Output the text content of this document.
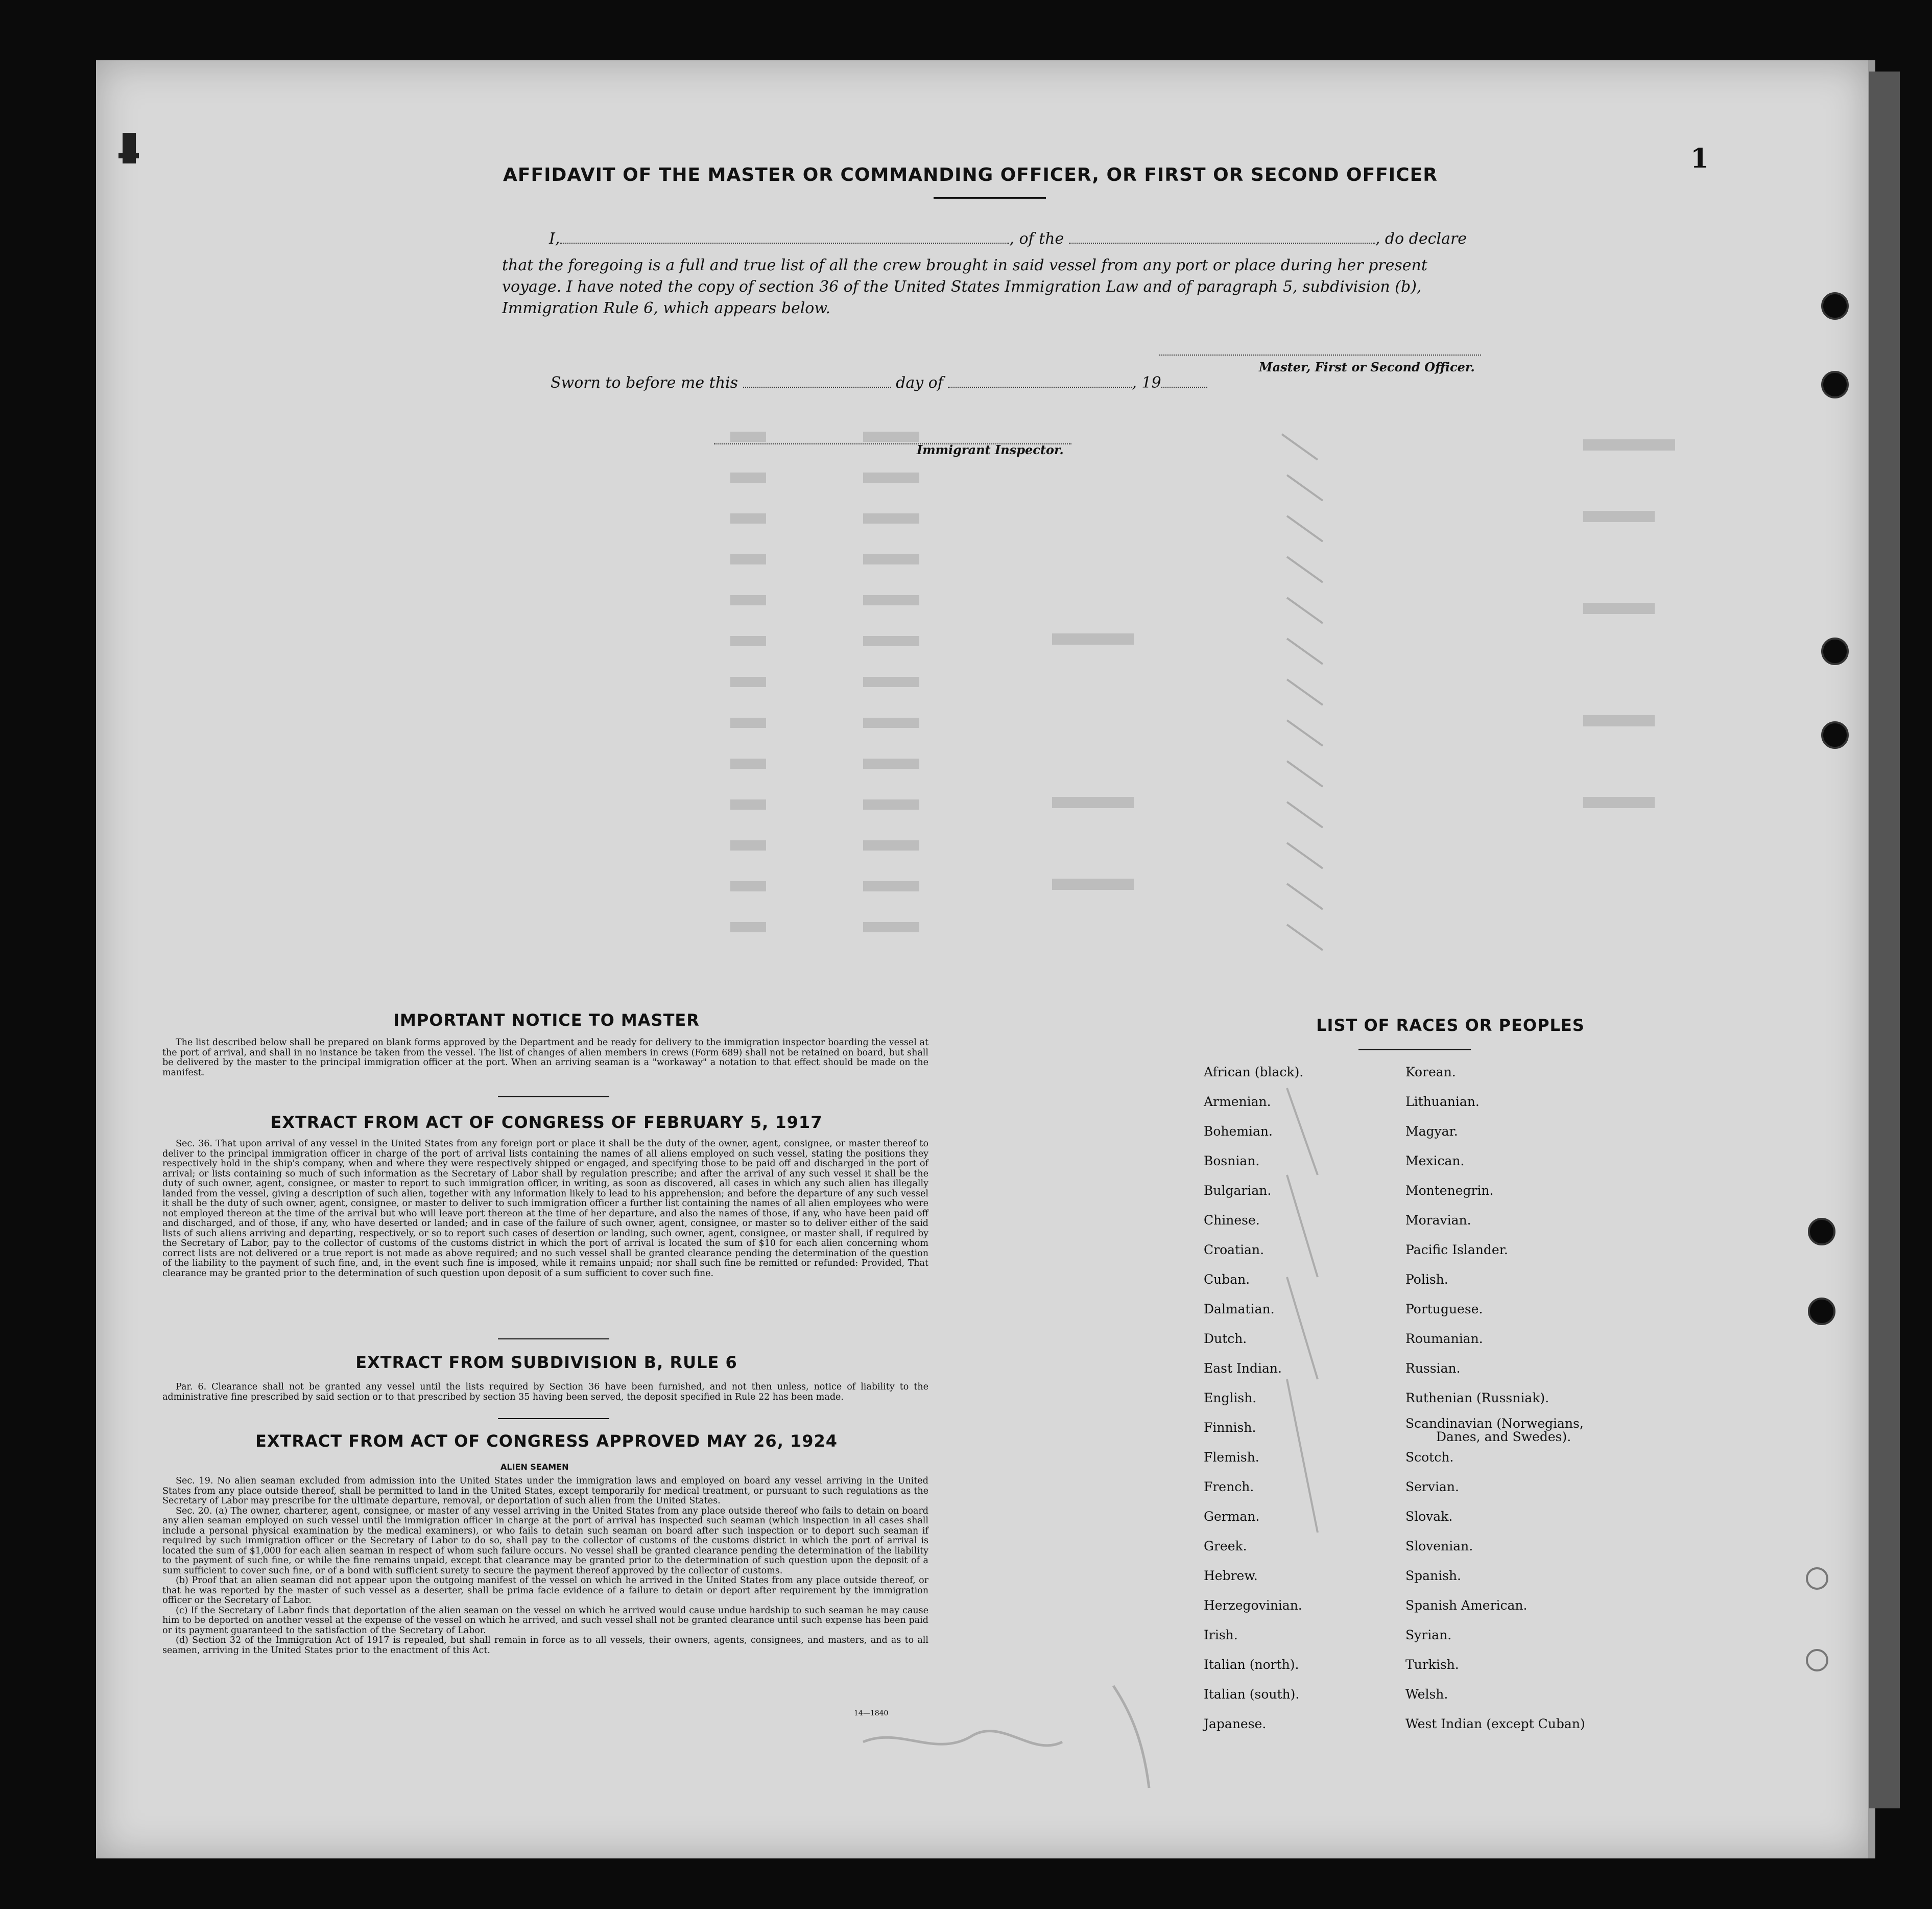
1
AFFIDAVIT OF THE MASTER OR COMMANDING OFFICER, OR FIRST OR SECOND OFFICER
I,	, of the	, do declare
that the foregoing is a full and true list of all the crew brought in said vessel from any port or place during her present
voyage. I have noted the copy of section 36 of the United States Immigration Law and of paragraph 5, subdivision (b),
Immigration Rule 6, which appears below.
Master, First or Second Officer.
Sworn to before me this	day of	, 19
Immigrant Inspector.
IMPORTANT NOTICE TO MASTER

The list described below shall be prepared on blank forms approved by the Department and be ready for delivery to the immigration inspector boarding the vessel at the port of arrival, and shall in no instance be taken from the vessel. The list of changes of alien members in crews (Form 689) shall not be retained on board, but shall be delivered by the master to the principal immigration officer at the port. When an arriving seaman is a "workaway" a notation to that effect should be made on the manifest.

EXTRACT FROM ACT OF CONGRESS OF FEBRUARY 5, 1917

Sec. 36. That upon arrival of any vessel in the United States from any foreign port or place it shall be the duty of the owner, agent, consignee, or master thereof to deliver to the principal immigration officer in charge of the port of arrival lists containing the names of all aliens employed on such vessel, stating the positions they respectively hold in the ship's company, when and where they were respectively shipped or engaged, and specifying those to be paid off and discharged in the port of arrival; or lists containing so much of such information as the Secretary of Labor shall by regulation prescribe; and after the arrival of any such vessel it shall be the duty of such owner, agent, consignee, or master to report to such immigration officer, in writing, as soon as discovered, all cases in which any such alien has illegally landed from the vessel, giving a description of such alien, together with any information likely to lead to his apprehension; and before the departure of any such vessel it shall be the duty of such owner, agent, consignee, or master to deliver to such immigration officer a further list containing the names of all alien employees who were not employed thereon at the time of the arrival but who will leave port thereon at the time of her departure, and also the names of those, if any, who have been paid off and discharged, and of those, if any, who have deserted or landed; and in case of the failure of such owner, agent, consignee, or master so to deliver either of the said lists of such aliens arriving and departing, respectively, or so to report such cases of desertion or landing, such owner, agent, consignee, or master shall, if required by the Secretary of Labor, pay to the collector of customs of the customs district in which the port of arrival is located the sum of $10 for each alien concerning whom correct lists are not delivered or a true report is not made as above required; and no such vessel shall be granted clearance pending the determination of the question of the liability to the payment of such fine, and, in the event such fine is imposed, while it remains unpaid; nor shall such fine be remitted or refunded: Provided, That clearance may be granted prior to the determination of such question upon deposit of a sum sufficient to cover such fine.

EXTRACT FROM SUBDIVISION B, RULE 6

Par. 6. Clearance shall not be granted any vessel until the lists required by Section 36 have been furnished, and not then unless, notice of liability to the administrative fine prescribed by said section or to that prescribed by section 35 having been served, the deposit specified in Rule 22 has been made.

EXTRACT FROM ACT OF CONGRESS APPROVED MAY 26, 1924
ALIEN SEAMEN

Sec. 19. No alien seaman excluded from admission into the United States under the immigration laws and employed on board any vessel arriving in the United States from any place outside thereof, shall be permitted to land in the United States, except temporarily for medical treatment, or pursuant to such regulations as the Secretary of Labor may prescribe for the ultimate departure, removal, or deportation of such alien from the United States.

Sec. 20. (a) The owner, charterer, agent, consignee, or master of any vessel arriving in the United States from any place outside thereof who fails to detain on board any alien seaman employed on such vessel until the immigration officer in charge at the port of arrival has inspected such seaman (which inspection in all cases shall include a personal physical examination by the medical examiners), or who fails to detain such seaman on board after such inspection or to deport such seaman if required by such immigration officer or the Secretary of Labor to do so, shall pay to the collector of customs of the customs district in which the port of arrival is located the sum of $1,000 for each alien seaman in respect of whom such failure occurs. No vessel shall be granted clearance pending the determination of the liability to the payment of such fine, or while the fine remains unpaid, except that clearance may be granted prior to the determination of such question upon the deposit of a sum sufficient to cover such fine, or of a bond with sufficient surety to secure the payment thereof approved by the collector of customs.

(b) Proof that an alien seaman did not appear upon the outgoing manifest of the vessel on which he arrived in the United States from any place outside thereof, or that he was reported by the master of such vessel as a deserter, shall be prima facie evidence of a failure to detain or deport after requirement by the immigration officer or the Secretary of Labor.

(c) If the Secretary of Labor finds that deportation of the alien seaman on the vessel on which he arrived would cause undue hardship to such seaman he may cause him to be deported on another vessel at the expense of the vessel on which he arrived, and such vessel shall not be granted clearance until such expense has been paid or its payment guaranteed to the satisfaction of the Secretary of Labor.

(d) Section 32 of the Immigration Act of 1917 is repealed, but shall remain in force as to all vessels, their owners, agents, consignees, and masters, and as to all seamen, arriving in the United States prior to the enactment of this Act.

14—1840
LIST OF RACES OR PEOPLES
African (black).
Armenian.
Bohemian.
Bosnian.
Bulgarian.
Chinese.
Croatian.
Cuban.
Dalmatian.
Dutch.
East Indian.
English.
Finnish.
Flemish.
French.
German.
Greek.
Hebrew.
Herzegovinian.
Irish.
Italian (north).
Italian (south).
Japanese.
Korean.
Lithuanian.
Magyar.
Mexican.
Montenegrin.
Moravian.
Pacific Islander.
Polish.
Portuguese.
Roumanian.
Russian.
Ruthenian (Russniak).
Scandinavian (Norwegians,
Danes, and Swedes).
Scotch.
Servian.
Slovak.
Slovenian.
Spanish.
Spanish American.
Syrian.
Turkish.
Welsh.
West Indian (except Cuban)
